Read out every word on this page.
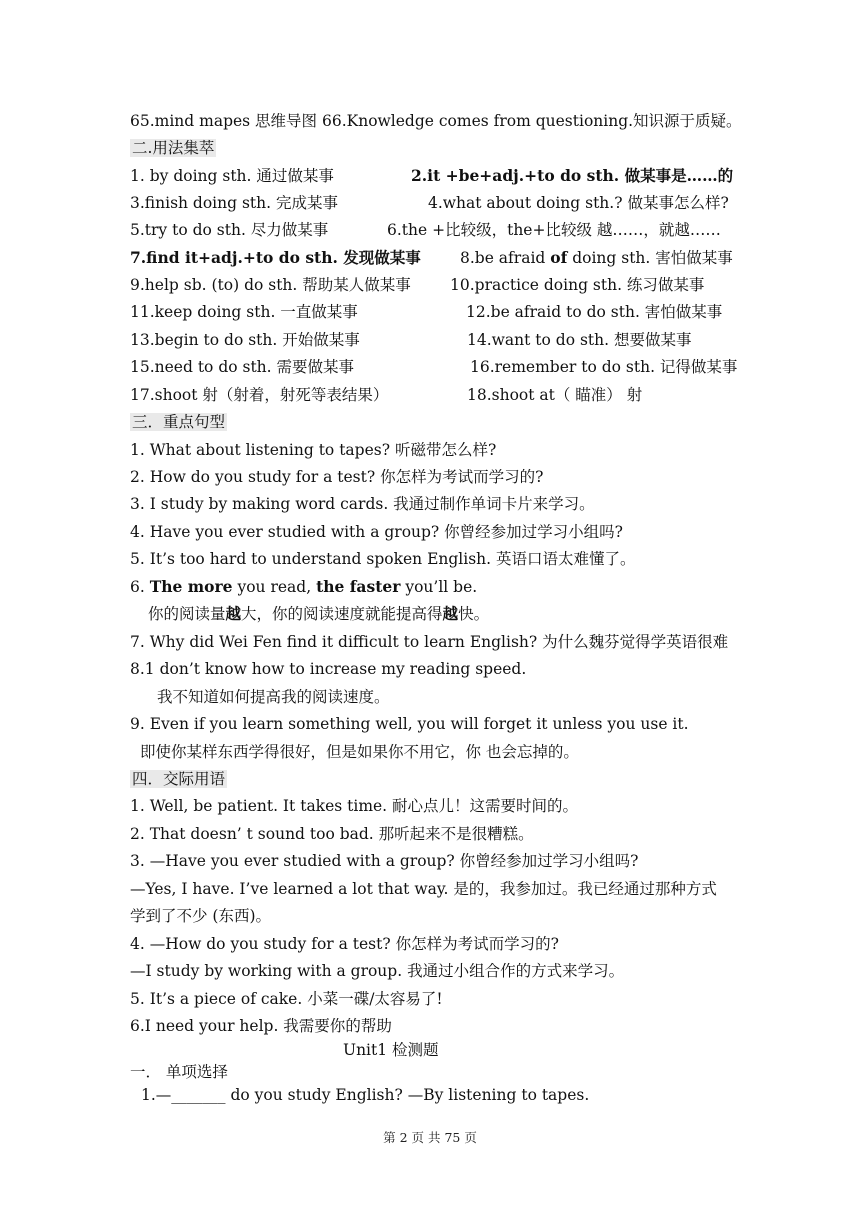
65.mind mapes 思维导图 66.Knowledge comes from questioning.知识源于质疑。
二.用法集萃
1. by doing sth. 通过做某事	2.it +be+adj.+to do sth. 做某事是……的
3.finish doing sth. 完成某事	4.what about doing sth.? 做某事怎么样?
5.try to do sth. 尽力做某事	6.the +比较级，the+比较级 越……，就越……
7.find it+adj.+to do sth. 发现做某事	8.be afraid of doing sth. 害怕做某事
9.help sb. (to) do sth. 帮助某人做某事	10.practice doing sth. 练习做某事
11.keep doing sth. 一直做某事	12.be afraid to do sth. 害怕做某事
13.begin to do sth. 开始做某事	14.want to do sth. 想要做某事
15.need to do sth. 需要做某事	16.remember to do sth. 记得做某事
17.shoot 射（射着，射死等表结果）	18.shoot at（ 瞄准） 射
三．重点句型
1. What about listening to tapes? 听磁带怎么样?
2. How do you study for a test? 你怎样为考试而学习的?
3. I study by making word cards. 我通过制作单词卡片来学习。
4. Have you ever studied with a group? 你曾经参加过学习小组吗?
5. It’s too hard to understand spoken English. 英语口语太难懂了。
6. The more you read, the faster you’ll be.
你的阅读量越大，你的阅读速度就能提高得越快。
7. Why did Wei Fen find it difficult to learn English? 为什么魏芬觉得学英语很难
8.1 don’t know how to increase my reading speed.
我不知道如何提高我的阅读速度。
9. Even if you learn something well, you will forget it unless you use it.
即使你某样东西学得很好，但是如果你不用它，你 也会忘掉的。
四．交际用语
1. Well, be patient. It takes time. 耐心点儿！这需要时间的。
2. That doesn’ t sound too bad. 那听起来不是很糟糕。
3. —Have you ever studied with a group? 你曾经参加过学习小组吗?
—Yes, I have. I’ve learned a lot that way. 是的，我参加过。我已经通过那种方式
学到了不少 (东西)。
4. —How do you study for a test? 你怎样为考试而学习的?
—I study by working with a group. 我通过小组合作的方式来学习。
5. It’s a piece of cake. 小菜一碟/太容易了!
6.I need your help. 我需要你的帮助
Unit1 检测题
一． 单项选择
1.—_______ do you study English? —By listening to tapes.
第 2 页 共 75 页
